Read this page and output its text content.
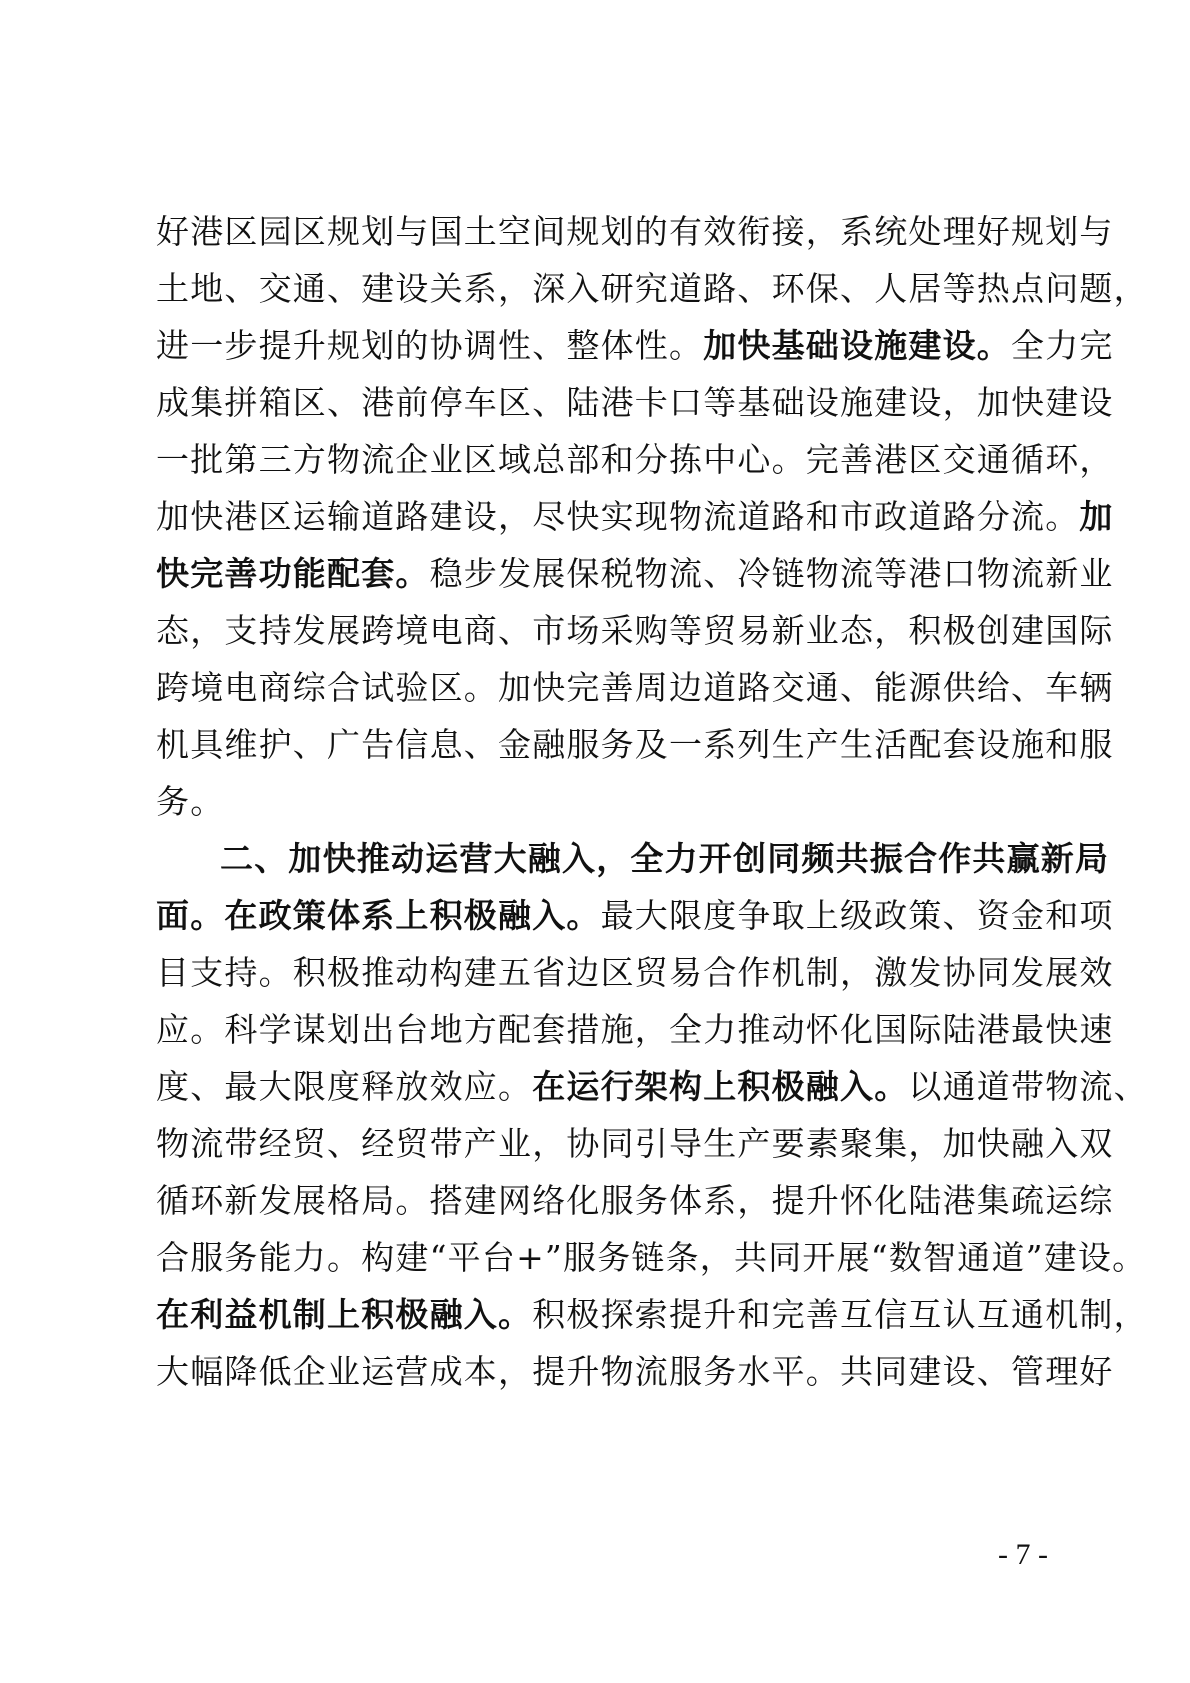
好港区园区规划与国土空间规划的有效衔接，系统处理好规划与
土地、交通、建设关系，深入研究道路、环保、人居等热点问题，
进一步提升规划的协调性、整体性。加快基础设施建设。全力完
成集拼箱区、港前停车区、陆港卡口等基础设施建设，加快建设
一批第三方物流企业区域总部和分拣中心。完善港区交通循环，
加快港区运输道路建设，尽快实现物流道路和市政道路分流。加
快完善功能配套。稳步发展保税物流、冷链物流等港口物流新业
态，支持发展跨境电商、市场采购等贸易新业态，积极创建国际
跨境电商综合试验区。加快完善周边道路交通、能源供给、车辆
机具维护、广告信息、金融服务及一系列生产生活配套设施和服
务。
二、加快推动运营大融入，全力开创同频共振合作共赢新局
面。在政策体系上积极融入。最大限度争取上级政策、资金和项
目支持。积极推动构建五省边区贸易合作机制，激发协同发展效
应。科学谋划出台地方配套措施，全力推动怀化国际陆港最快速
度、最大限度释放效应。在运行架构上积极融入。以通道带物流、
物流带经贸、经贸带产业，协同引导生产要素聚集，加快融入双
循环新发展格局。搭建网络化服务体系，提升怀化陆港集疏运综
合服务能力。构建“平台+”服务链条，共同开展“数智通道”建设。
在利益机制上积极融入。积极探索提升和完善互信互认互通机制，
大幅降低企业运营成本，提升物流服务水平。共同建设、管理好
- 7 -
